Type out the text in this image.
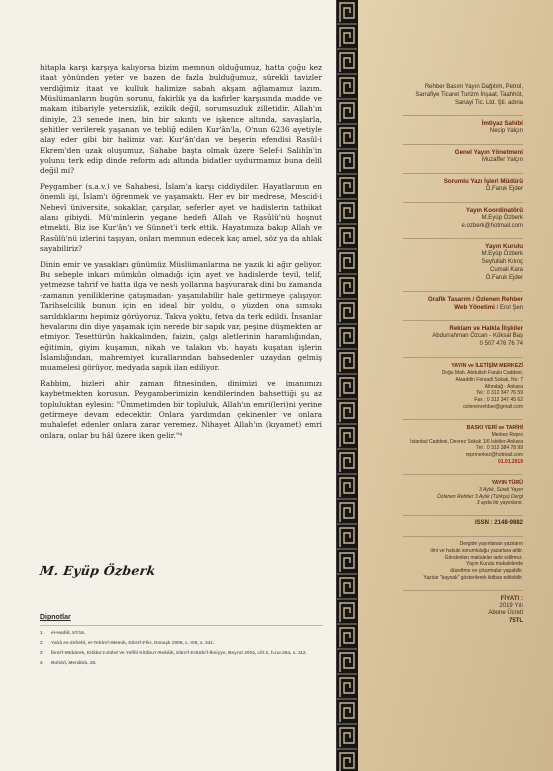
hitapla karşı karşıya kalıyorsa bizim memnun olduğumuz, hatta çoğu kez itaat yönünden yeter ve bazen de fazla bulduğumuz, sürekli tavizler verdiğimiz itaat ve kulluk halimize sabah akşam ağlamamız lazım. Müslümanların bugün sorunu, fakirlik ya da kafirler karşısında madde ve makam itibariyle yetersizlik, ezikik değil, sorumsuzluk zilletidir. Allah'ın diniyle, 23 senede inen, bin bir sıkıntı ve işkence altında, savaşlarla, şehitler verilerek yaşanan ve tebliğ edilen Kur'ân'la, O'nun 6236 ayetiyle alay eder gibi bir halimiz var. Kur'ân'dan ve beşerin efendisi Rasûl-i Ekrem'den uzak oluşumuz, Sahabe başta olmak üzere Selef-i Salihîn'in yolunu terk edip dinde reform adı altında bidatler uydurmamız buna delil değil mi?

Peygamber (s.a.v.) ve Sahabesi, İslam'a karşı ciddiydiler. Hayatlarının en önemli işi, İslam'ı öğrenmek ve yaşamaktı. Her ev bir medrese, Mescid-i Nebevî üniversite, sokaklar, çarşılar, seferler ayet ve hadislerin tatbikat alanı gibiydi. Mü'minlerin yegane hedefi Allah ve Rasûlü'nü hoşnut etmekti. Biz ise Kur'ân'ı ve Sünnet'i terk ettik. Hayatımıza bakıp Allah ve Rasûlü'nü izlerini taşıyan, onları memnun edecek kaç amel, söz ya da ahlak sayabiliriz?

Dinin emir ve yasakları günümüz Müslümanlarına ne yazık ki ağır geliyor. Bu sebeple inkarı mümkün olmadığı için ayet ve hadislerde tevil, telif, yetmezse tahrif ve hatta ilga ve nesh yollarına başvurarak dini bu zamanda -zamanın yeniliklerine çatışmadan- yaşanılabilir hale getirmeye çalışıyor. Tarihselcilik bunun için en ideal bir yoldu, o yüzden ona sımsıkı sarıldıklarını hepimiz görüyoruz. Takva yoktu, fetva da terk edildi. İnsanlar hevalarını din diye yaşamak için nerede bir sapık var, peşine düşmekten ar etmiyor. Tesettürün hakkalınden, faizin, çalgı aletlerinin haramlığından, eğitimin, giyim kuşamın, nikah ve talakın vb. hayatı kuşatan işlerin İslamlığından, mahremiyet kurallarından bahsedenler uzaydan gelmiş muamelesi görüyor, medyada sapık ilan ediliyor.

Rabbim, bizleri ahir zaman fitnesinden, dinimizi ve imanımızı kaybetmekten korusun. Peygamberimizin kendilerinden bahsettiği şu az topluluktan eylesin: "Ümmetimden bir topluluk, Allah'ın emri(leri)ni yerine getirmeye devam edecektir. Onlara yardımdan çekinenler ve onlara muhalefet edenler onlara zarar veremez. Nihayet Allah'ın (kıyamet) emri onlara, onlar bu hâl üzere iken gelir."⁴

M. Eyüp Özberk
Dipnotlar
1 el-Hadîd, 57/16.
2 Yahâ es-Zehebî, et-Telrîm'l-Memik, Dârü'l-Fikr, Dımaşk 2009, c. XIII, s. 341.
3 İbnü'l-Mübârek, Kitâbu'z-Zühd Ve Yelîhî Kitâbu'r-Rekâik, Dârü'l-Kütübi'l-İlmiyye, Beyrut 2004, cilt:2, h.no:264, s. 112.
4 Buhârî, Menâkıb, 28.
Rehber Basım Yayın Dağıtım, Petrol,
Sarrafiye Ticaret Turizm İnşaat, Taahhüt,
Sanayi Tic. Ltd. Şti. adına
İmtiyaz Sahibi
Necip Yalçın
Genel Yayın Yönetmeni
Muzaffer Yalçın
Sorumlu Yazı İşleri Müdürü
Ö.Faruk Ejder
Yayın Koordinatörü
M.Eyüp Özberk
e.ozberk@hotmail.com
Yayın Kurulu
M.Eyüp Özberk
Seyfullah Kılınç
Cumali Kara
Ö.Faruk Ejder
Grafik Tasarım / Özlenen Rehber
Web Yönetimi / Erol Şen
Reklam ve Halkla İlişkiler
Abdurrahman Özcan - Köksal Baş
0 507 476 76 74
YAYIN ve İLETİŞİM MERKEZİ
Doğu Mah. Abdullah Faruki Caddesi,
Alaaddin Fersadi Sokak, No: 7
Altındağ - Ankara
Tel : 0 312 347 76 59
Fax : 0 312 347 45 62
ozlenenrehber@gmail.com
BASKI YERİ ve TARİHİ
Merkez Repro
İstanbul Caddesi, Devrez Sokak 1/6 İskitler-Ankara
Tel : 0 312 384 78 99
reprmerkez@hotmail.com
01.01.2019
YAYIN TÜRÜ
3 Aylık, Süreli Yayın
Özlenen Rehber 3 Aylık (Türkçe) Dergi
3 ayda bir yayınlanır.
ISSN : 2148-9882
Dergide yayınlanan yazıların
ilmi ve hukuki sorumluluğu yazarlara aittir.
Gönderilen makaleler iade edilmez.
Yayın Kurulu makalelerde
düzeltme ve çıkarmalar yapabilir.
Yazılar "kaynak" gösterilerek iktibas edilebilir.
FİYATI :
2019 Yılı
Abone Ücreti
75TL
